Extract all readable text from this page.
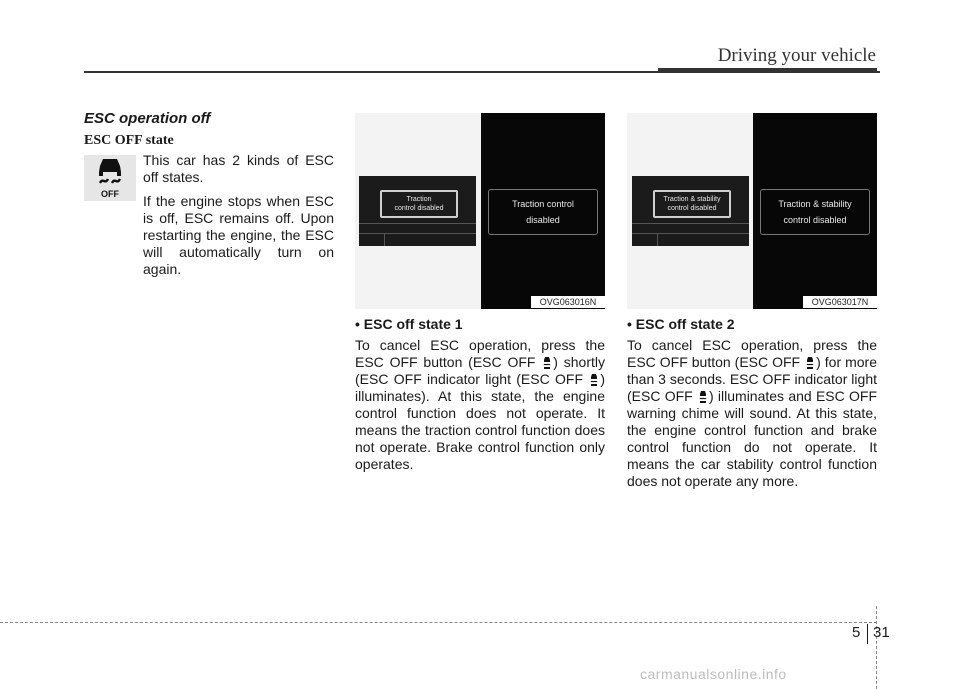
Driving your vehicle
ESC operation off
ESC OFF state
OFF

This car has 2 kinds of ESC off states.

If the engine stops when ESC is off, ESC remains off. Upon restarting the engine, the ESC will automatically turn on again.

Traction
control disabled	Traction control
disabled
OVG063016N
Traction & stability
control disabled	Traction & stability
control disabled
OVG063017N

• ESC off state 1

To cancel ESC operation, press the ESC OFF button (ESC OFF ) shortly (ESC OFF indicator light (ESC OFF ) illuminates). At this state, the engine control function does not operate. It means the traction control function does not operate. Brake control function only operates.

• ESC off state 2

To cancel ESC operation, press the ESC OFF button (ESC OFF ) for more than 3 seconds. ESC OFF indicator light (ESC OFF ) illuminates and ESC OFF warning chime will sound. At this state, the engine control function and brake control function do not operate. It means the car stability control function does not operate any more.

5 31
carmanualsonline.info
